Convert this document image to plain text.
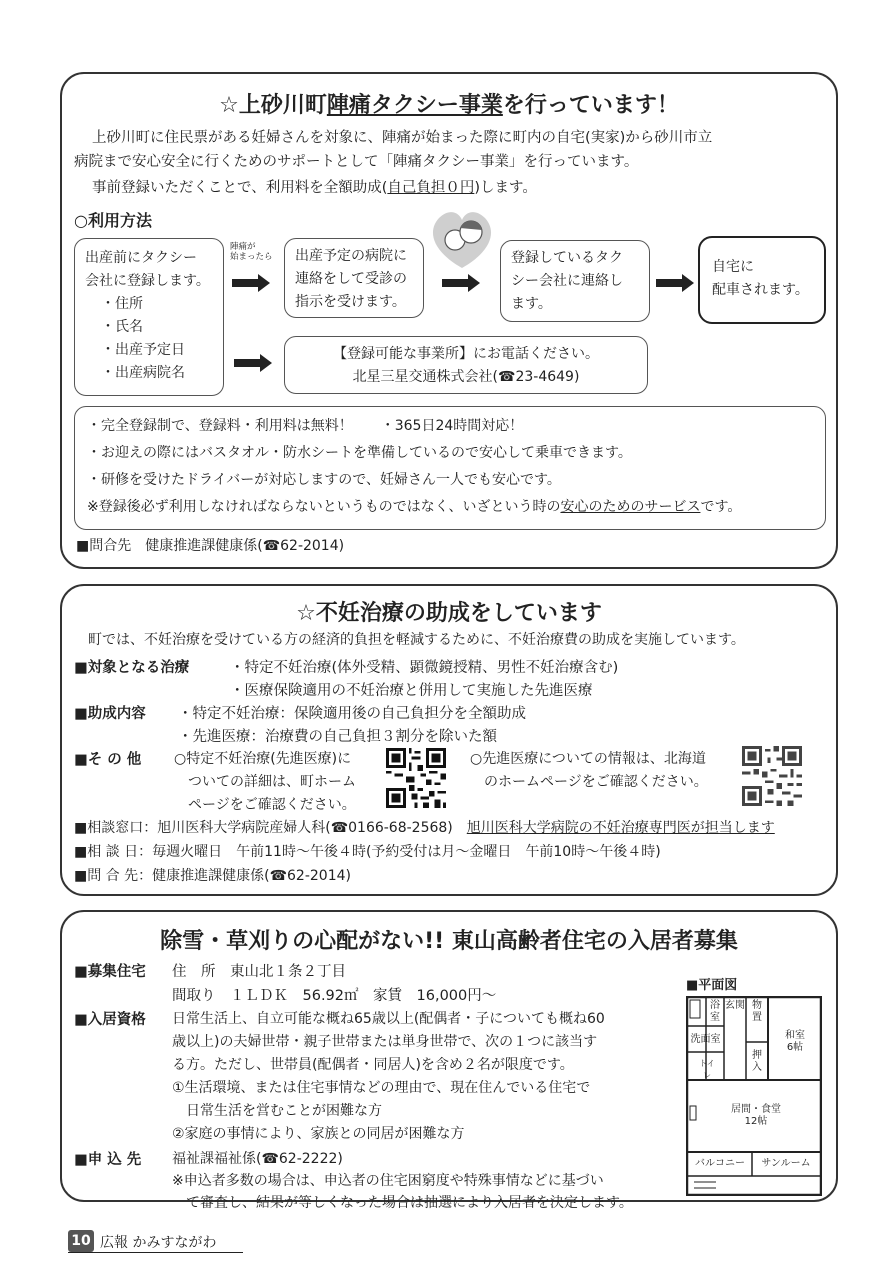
☆上砂川町陣痛タクシー事業を行っています！
上砂川町に住民票がある妊婦さんを対象に、陣痛が始まった際に町内の自宅(実家)から砂川市立
病院まで安心安全に行くためのサポートとして「陣痛タクシー事業」を行っています。
事前登録いただくことで、利用料を全額助成(自己負担０円)します。
○利用方法
出産前にタクシー
会社に登録します。
・住所
・氏名
・出産予定日
・出産病院名
陣痛が
始まったら 出産予定の病院に
連絡をして受診の
指示を受けます。
登録しているタク
シー会社に連絡し
ます。
自宅に
配車されます。
【登録可能な事業所】にお電話ください。
北星三星交通株式会社(☎23-4649)
・完全登録制で、登録料・利用料は無料！　　・365日24時間対応！
・お迎えの際にはバスタオル・防水シートを準備しているので安心して乗車できます。
・研修を受けたドライバーが対応しますので、妊婦さん一人でも安心です。
※登録後必ず利用しなければならないというものではなく、いざという時の安心のためのサービスです。
■問合先　健康推進課健康係(☎62-2014)
☆不妊治療の助成をしています
町では、不妊治療を受けている方の経済的負担を軽減するために、不妊治療費の助成を実施しています。
■対象となる治療	・特定不妊治療(体外受精、顕微鏡授精、男性不妊治療含む)
・医療保険適用の不妊治療と併用して実施した先進医療
■助成内容 ・特定不妊治療：保険適用後の自己負担分を全額助成
・先進医療：治療費の自己負担３割分を除いた額
■そ の 他 ○特定不妊治療(先進医療)に
ついての詳細は、町ホーム
ページをご確認ください。
○先進医療についての情報は、北海道
のホームページをご確認ください。
■相談窓口：旭川医科大学病院産婦人科(☎0166-68-2568)　旭川医科大学病院の不妊治療専門医が担当します
■相 談 日：毎週火曜日　午前11時～午後４時(予約受付は月～金曜日　午前10時～午後４時)
■問 合 先：健康推進課健康係(☎62-2014)
除雪・草刈りの心配がない!! 東山高齢者住宅の入居者募集
■募集住宅 住　所　東山北１条２丁目
間取り　１ＬＤＫ　56.92㎡　家賃　16,000円～
■入居資格 日常生活上、自立可能な概ね65歳以上(配偶者・子についても概ね60
歳以上)の夫婦世帯・親子世帯または単身世帯で、次の１つに該当す
る方。ただし、世帯員(配偶者・同居人)を含め２名が限度です。
①生活環境、または住宅事情などの理由で、現在住んでいる住宅で
　日常生活を営むことが困難な方
②家庭の事情により、家族との同居が困難な方
■申 込 先 福祉課福祉係(☎62-2222)
※申込者多数の場合は、申込者の住宅困窮度や特殊事情などに基づい
　て審査し、結果が等しくなった場合は抽選により入居者を決定します。
■平面図
浴室
玄関 物置
洗面室
トイレ
押入
和室
6帖
居間・食堂
12帖
バルコニー	サンルーム
10 広報 かみすながわ
